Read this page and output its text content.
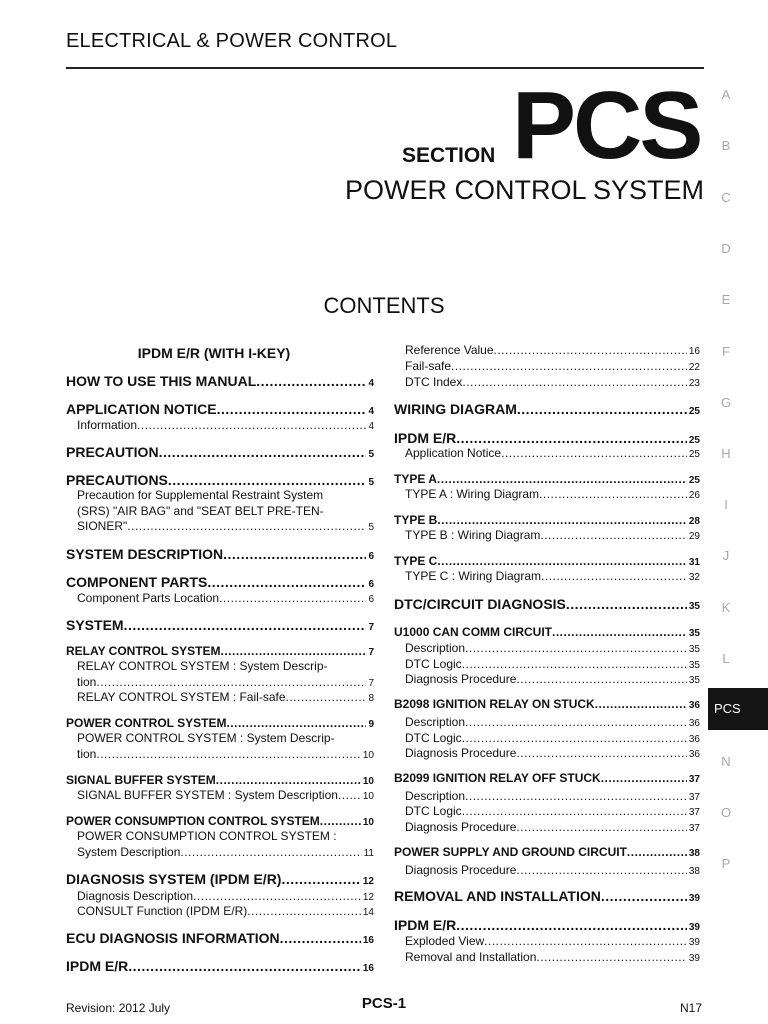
ELECTRICAL & POWER CONTROL
SECTION PCS
POWER CONTROL SYSTEM
CONTENTS
A
B
C
D
E
F
G
H
I
J
K
L
N
O
P
PCS
IPDM E/R (WITH I-KEY)
HOW TO USE THIS MANUAL .....	4
APPLICATION NOTICE .....	4
Information .....	4
PRECAUTION .....	5
PRECAUTIONS .....	5
Precaution for Supplemental Restraint System
(SRS) "AIR BAG" and "SEAT BELT PRE-TEN-
SIONER" .....	5
SYSTEM DESCRIPTION .....	6
COMPONENT PARTS .....	6
Component Parts Location .....	6
SYSTEM .....	7
RELAY CONTROL SYSTEM .....	7
RELAY CONTROL SYSTEM : System Descrip-
tion .....	7
RELAY CONTROL SYSTEM : Fail-safe .....	8
POWER CONTROL SYSTEM .....	9
POWER CONTROL SYSTEM : System Descrip-
tion .....	10
SIGNAL BUFFER SYSTEM .....	10
SIGNAL BUFFER SYSTEM : System Description ..... 10
POWER CONSUMPTION CONTROL SYSTEM .....	10
POWER CONSUMPTION CONTROL SYSTEM :
System Description .....	11
DIAGNOSIS SYSTEM (IPDM E/R) .....	12
Diagnosis Description .....	12
CONSULT Function (IPDM E/R) .....	14
ECU DIAGNOSIS INFORMATION .....	16
IPDM E/R .....	16
Reference Value .....	16
Fail-safe .....	22
DTC Index .....	23
WIRING DIAGRAM .....	25
IPDM E/R .....	25
Application Notice .....	25
TYPE A .....	25
TYPE A : Wiring Diagram .....	26
TYPE B .....	28
TYPE B : Wiring Diagram .....	29
TYPE C .....	31
TYPE C : Wiring Diagram .....	32
DTC/CIRCUIT DIAGNOSIS .....	35
U1000 CAN COMM CIRCUIT .....	35
Description .....	35
DTC Logic .....	35
Diagnosis Procedure .....	35
B2098 IGNITION RELAY ON STUCK .....	36
Description .....	36
DTC Logic .....	36
Diagnosis Procedure .....	36
B2099 IGNITION RELAY OFF STUCK .....	37
Description .....	37
DTC Logic .....	37
Diagnosis Procedure .....	37
POWER SUPPLY AND GROUND CIRCUIT .....	38
Diagnosis Procedure .....	38
REMOVAL AND INSTALLATION .....	39
IPDM E/R .....	39
Exploded View .....	39
Removal and Installation .....	39
Revision: 2012 July	PCS-1	N17
